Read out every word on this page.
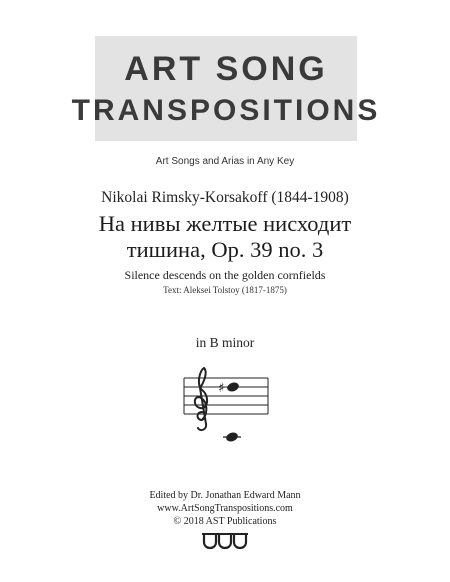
ART SONG
TRANSPOSITIONS
Art Songs and Arias in Any Key
Nikolai Rimsky-Korsakoff (1844-1908)
На нивы желтые нисходит
тишина, Op. 39 no. 3
Silence descends on the golden cornfields
Text: Aleksei Tolstoy (1817-1875)
in B minor
♯
Edited by Dr. Jonathan Edward Mann
www.ArtSongTranspositions.com
© 2018 AST Publications
